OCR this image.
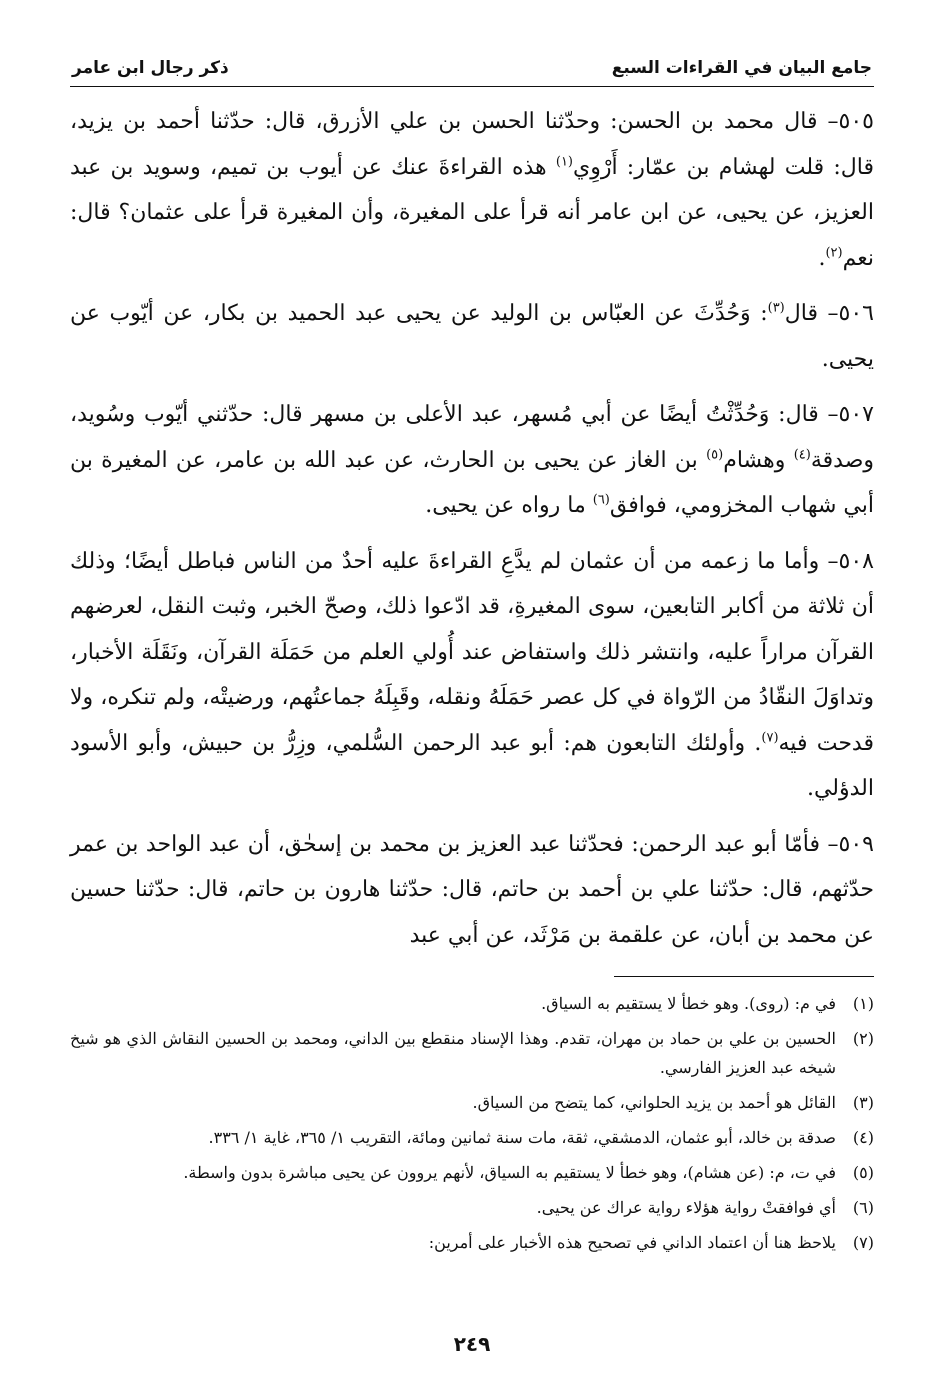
جامع البيان في القراءات السبع
ذكر رجال ابن عامر

٥٠٥– قال محمد بن الحسن: وحدّثنا الحسن بن علي الأزرق، قال: حدّثنا أحمد بن يزيد، قال: قلت لهشام بن عمّار: أَرْوِي$^{(١)}$ هذه القراءةَ عنك عن أيوب بن تميم، وسويد بن عبد العزيز، عن يحيى، عن ابن عامر أنه قرأ على المغيرة، وأن المغيرة قرأ على عثمان؟ قال: نعم$^{(٢)}$.

٥٠٦– قال$^{(٣)}$: وَحُدِّثَ عن العبّاس بن الوليد عن يحيى عبد الحميد بن بكار، عن أيّوب عن يحيى.

٥٠٧– قال: وَحُدِّثْتُ أيضًا عن أبي مُسهر، عبد الأعلى بن مسهر قال: حدّثني أيّوب وسُويد، وصدقة$^{(٤)}$ وهشام$^{(٥)}$ بن الغاز عن يحيى بن الحارث، عن عبد الله بن عامر، عن المغيرة بن أبي شهاب المخزومي، فوافق$^{(٦)}$ ما رواه عن يحيى.

٥٠٨– وأما ما زعمه من أن عثمان لم يدَّعِ القراءةَ عليه أحدٌ من الناس فباطل أيضًا؛ وذلك أن ثلاثة من أكابر التابعين، سوى المغيرةِ، قد ادّعوا ذلك، وصحّ الخبر، وثبت النقل، لعرضهم القرآن مراراً عليه، وانتشر ذلك واستفاض عند أُولي العلم من حَمَلَة القرآن، ونَقَلَة الأخبار، وتداوَلَ النقّادُ من الرّواة في كل عصر حَمَلَهُ ونقله، وقَبِلَهُ جماعتُهم، ورضيتْه، ولم تنكره، ولا قدحت فيه$^{(٧)}$. وأولئك التابعون هم: أبو عبد الرحمن السُّلمي، وزِرُّ بن حبيش، وأبو الأسود الدؤلي.

٥٠٩– فأمّا أبو عبد الرحمن: فحدّثنا عبد العزيز بن محمد بن إسحٰق، أن عبد الواحد بن عمر حدّثهم، قال: حدّثنا علي بن أحمد بن حاتم، قال: حدّثنا هارون بن حاتم، قال: حدّثنا حسين عن محمد بن أبان، عن علقمة بن مَرْثَد، عن أبي عبد

(١)
في م: (روى). وهو خطأ لا يستقيم به السياق.
(٢)
الحسين بن علي بن حماد بن مهران، تقدم. وهذا الإسناد منقطع بين الداني، ومحمد بن الحسين النقاش الذي هو شيخ شيخه عبد العزيز الفارسي.
(٣)
القائل هو أحمد بن يزيد الحلواني، كما يتضح من السياق.
(٤)
صدقة بن خالد، أبو عثمان، الدمشقي، ثقة، مات سنة ثمانين ومائة، التقريب ١/ ٣٦٥، غاية ١/ ٣٣٦.
(٥)
في ت، م: (عن هشام)، وهو خطأ لا يستقيم به السياق، لأنهم يروون عن يحيى مباشرة بدون واسطة.
(٦)
أي فوافقتْ رواية هؤلاء رواية عراك عن يحيى.
(٧)
يلاحظ هنا أن اعتماد الداني في تصحيح هذه الأخبار على أمرين:
٢٤٩
